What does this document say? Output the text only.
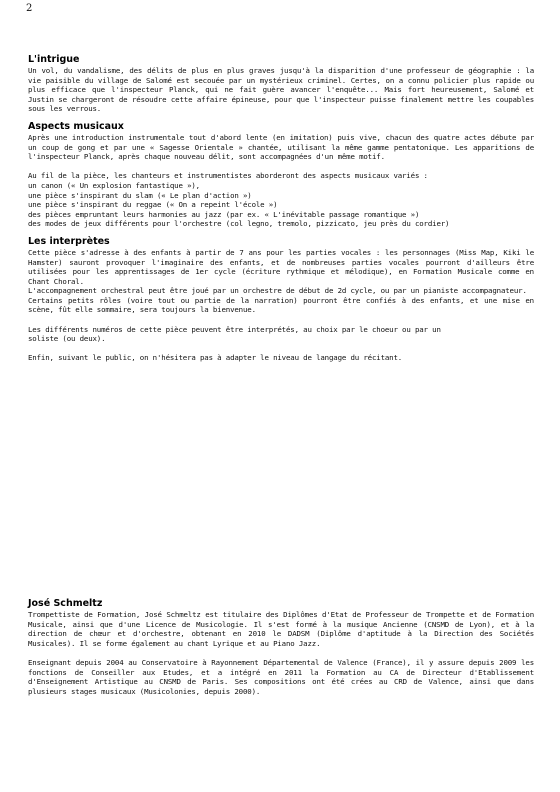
2
L'intrigue

Un vol, du vandalisme, des délits de plus en plus graves jusqu'à la disparition d'une professeur de géographie : la vie paisible du village de Salomé est secouée par un mystérieux criminel. Certes, on a connu policier plus rapide ou plus efficace que l'inspecteur Planck, qui ne fait guère avancer l'enquête... Mais fort heureusement, Salomé et Justin se chargeront de résoudre cette affaire épineuse, pour que l'inspecteur puisse finalement mettre les coupables sous les verrous.

Aspects musicaux

Après une introduction instrumentale tout d'abord lente (en imitation) puis vive, chacun des quatre actes débute par un coup de gong et par une « Sagesse Orientale » chantée, utilisant la même gamme pentatonique. Les apparitions de l'inspecteur Planck, après chaque nouveau délit, sont accompagnées d'un même motif.

Au fil de la pièce, les chanteurs et instrumentistes aborderont des aspects musicaux variés :

un canon (« Un explosion fantastique »),

une pièce s'inspirant du slam (« Le plan d'action »)

une pièce s'inspirant du reggae (« On a repeint l'école »)

des pièces empruntant leurs harmonies au jazz (par ex. « L'inévitable passage romantique »)

des modes de jeux différents pour l'orchestre (col legno, tremolo, pizzicato, jeu près du cordier)

Les interprètes

Cette pièce s'adresse à des enfants à partir de 7 ans pour les parties vocales : les personnages (Miss Map, Kiki le Hamster) sauront provoquer l'imaginaire des enfants, et de nombreuses parties vocales pourront d'ailleurs être utilisées pour les apprentissages de 1er cycle (écriture rythmique et mélodique), en Formation Musicale comme en Chant Choral.

L'accompagnement orchestral peut être joué par un orchestre de début de 2d cycle, ou par un pianiste accompagnateur.

Certains petits rôles (voire tout ou partie de la narration) pourront être confiés à des enfants, et une mise en scène, fût elle sommaire, sera toujours la bienvenue.

Les différents numéros de cette pièce peuvent être interprétés, au choix par le choeur ou par un soliste (ou deux).

Enfin, suivant le public, on n'hésitera pas à adapter le niveau de langage du récitant.

José Schmeltz

Trompettiste de Formation, José Schmeltz est titulaire des Diplômes d'Etat de Professeur de Trompette et de Formation Musicale, ainsi que d'une Licence de Musicologie. Il s'est formé à la musique Ancienne (CNSMD de Lyon), et à la direction de chœur et d'orchestre, obtenant en 2010 le DADSM (Diplôme d'aptitude à la Direction des Sociétés Musicales). Il se forme également au chant Lyrique et au Piano Jazz.

Enseignant depuis 2004 au Conservatoire à Rayonnement Départemental de Valence (France), il y assure depuis 2009 les fonctions de Conseiller aux Etudes, et a intégré en 2011 la Formation au CA de Directeur d'Etablissement d'Enseignement Artistique au CNSMD de Paris. Ses compositions ont été crées au CRD de Valence, ainsi que dans plusieurs stages musicaux (Musicolonies, depuis 2000).
